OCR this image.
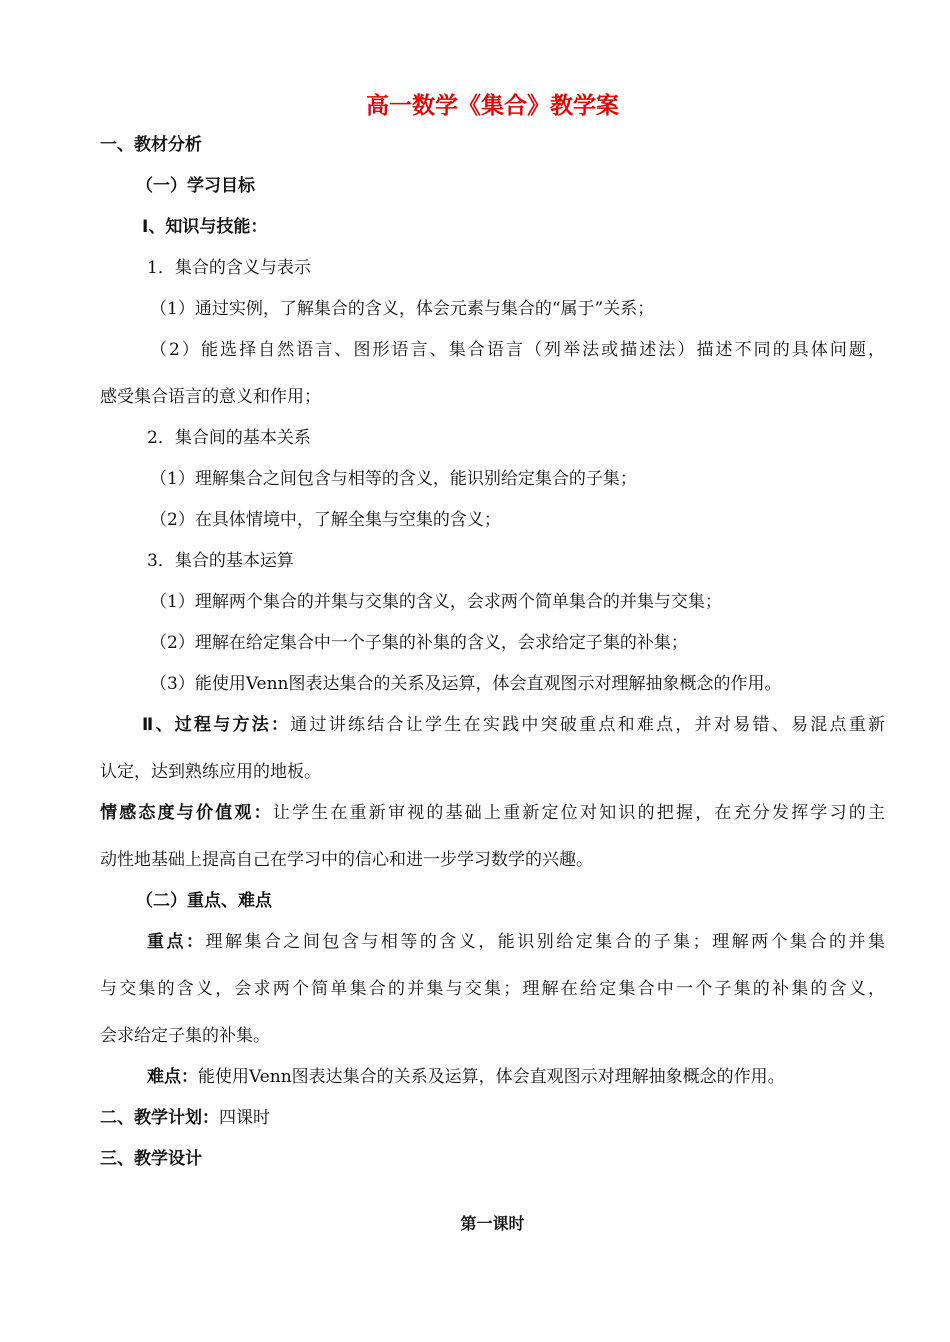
高一数学《集合》教学案
一、教材分析
（一）学习目标
Ⅰ、知识与技能：
1．集合的含义与表示
（1）通过实例，了解集合的含义，体会元素与集合的“属于”关系；
（2）能选择自然语言、图形语言、集合语言（列举法或描述法）描述不同的具体问题，
感受集合语言的意义和作用；
2．集合间的基本关系
（1）理解集合之间包含与相等的含义，能识别给定集合的子集；
（2）在具体情境中，了解全集与空集的含义；
3．集合的基本运算
（1）理解两个集合的并集与交集的含义，会求两个简单集合的并集与交集；
（2）理解在给定集合中一个子集的补集的含义，会求给定子集的补集；
（3）能使用Venn图表达集合的关系及运算，体会直观图示对理解抽象概念的作用。
Ⅱ、过程与方法：通过讲练结合让学生在实践中突破重点和难点，并对易错、易混点重新
认定，达到熟练应用的地板。
情感态度与价值观：让学生在重新审视的基础上重新定位对知识的把握，在充分发挥学习的主
动性地基础上提高自己在学习中的信心和进一步学习数学的兴趣。
（二）重点、难点
重点：理解集合之间包含与相等的含义，能识别给定集合的子集；理解两个集合的并集
与交集的含义，会求两个简单集合的并集与交集；理解在给定集合中一个子集的补集的含义，
会求给定子集的补集。
难点：能使用Venn图表达集合的关系及运算，体会直观图示对理解抽象概念的作用。
二、教学计划：四课时
三、教学设计
第一课时
